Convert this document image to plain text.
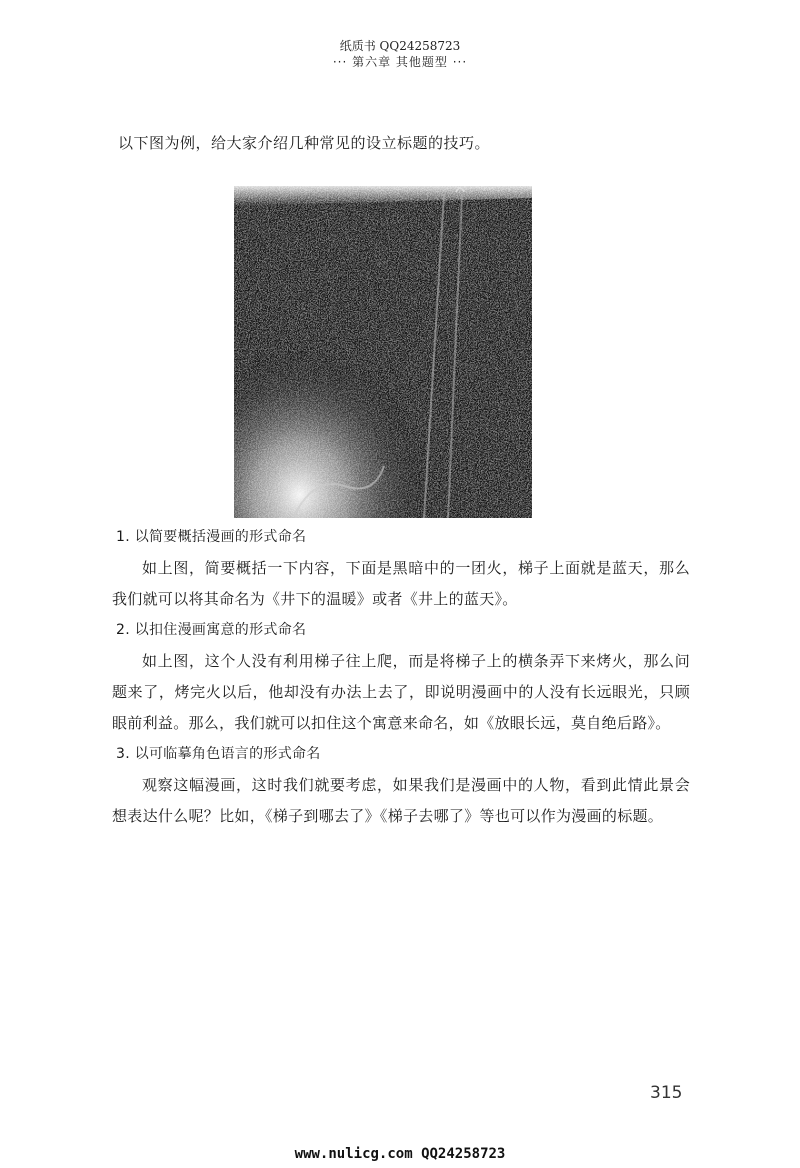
纸质书 QQ24258723
··· 第六章 其他题型 ···
以下图为例，给大家介绍几种常见的设立标题的技巧。

1. 以简要概括漫画的形式命名

如上图，简要概括一下内容，下面是黑暗中的一团火，梯子上面就是蓝天，那么我们就可以将其命名为《井下的温暖》或者《井上的蓝天》。

2. 以扣住漫画寓意的形式命名

如上图，这个人没有利用梯子往上爬，而是将梯子上的横条弄下来烤火，那么问题来了，烤完火以后，他却没有办法上去了，即说明漫画中的人没有长远眼光，只顾眼前利益。那么，我们就可以扣住这个寓意来命名，如《放眼长远，莫自绝后路》。

3. 以可临摹角色语言的形式命名

观察这幅漫画，这时我们就要考虑，如果我们是漫画中的人物，看到此情此景会想表达什么呢？比如，《梯子到哪去了》《梯子去哪了》等也可以作为漫画的标题。

315
www.nulicg.com QQ24258723
